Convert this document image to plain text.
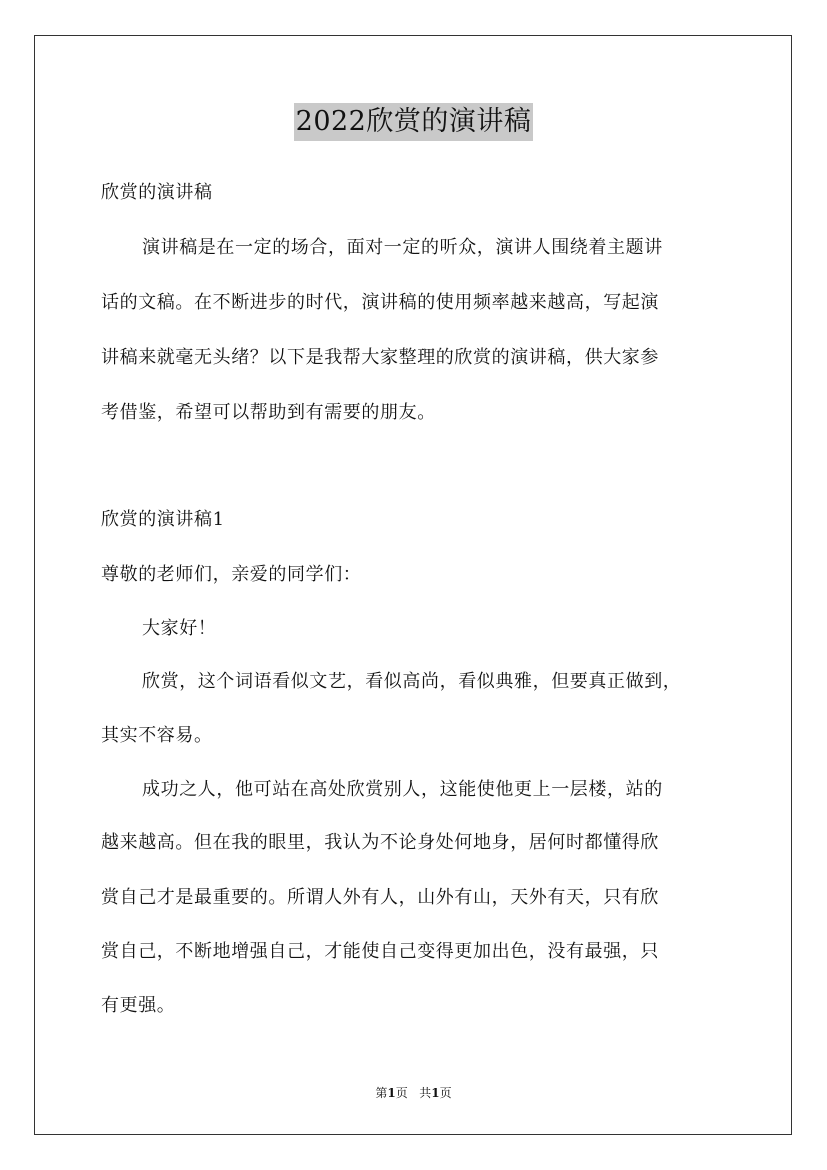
2022欣赏的演讲稿
欣赏的演讲稿
演讲稿是在一定的场合，面对一定的听众，演讲人围绕着主题讲
话的文稿。在不断进步的时代，演讲稿的使用频率越来越高，写起演
讲稿来就毫无头绪？以下是我帮大家整理的欣赏的演讲稿，供大家参
考借鉴，希望可以帮助到有需要的朋友。
欣赏的演讲稿1
尊敬的老师们，亲爱的同学们：
大家好！
欣赏，这个词语看似文艺，看似高尚，看似典雅，但要真正做到，
其实不容易。
成功之人，他可站在高处欣赏别人，这能使他更上一层楼，站的
越来越高。但在我的眼里，我认为不论身处何地身，居何时都懂得欣
赏自己才是最重要的。所谓人外有人，山外有山，天外有天，只有欣
赏自己，不断地增强自己，才能使自己变得更加出色，没有最强，只
有更强。
第1页 共1页
